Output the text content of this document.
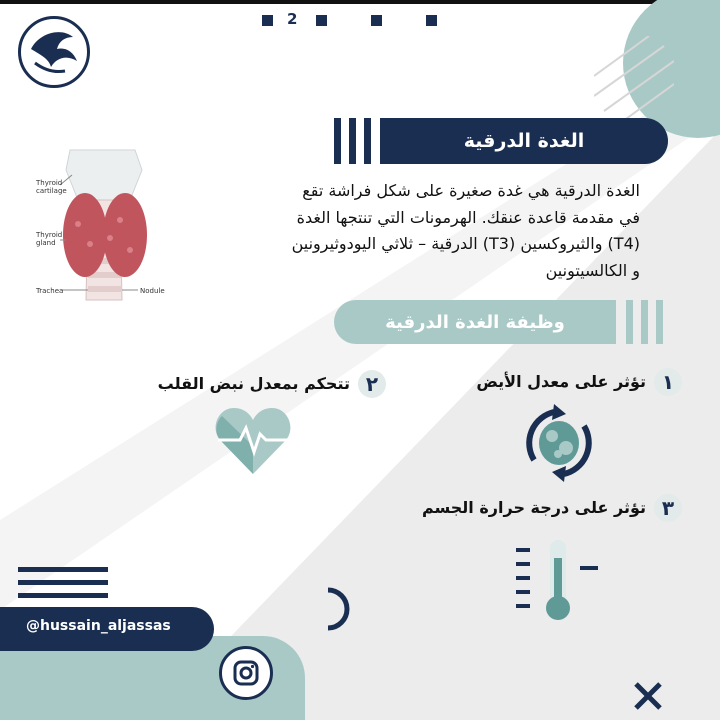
2
Thyroid
cartilage
Thyroid
gland
Trachea	Nodule
الغدة الدرقية
الغدة الدرقية هي غدة صغيرة على شكل فراشة تقع
في مقدمة قاعدة عنقك. الهرمونات التي تنتجها الغدة
(T4) والثيروكسين (T3) الدرقية – ثلاثي اليودوثيرونين
و الكالسيتونين
وظيفة الغدة الدرقية
١
تؤثر على معدل الأيض
٢
تتحكم بمعدل نبض القلب
٣
تؤثر على درجة حرارة الجسم
@hussain_aljassas
